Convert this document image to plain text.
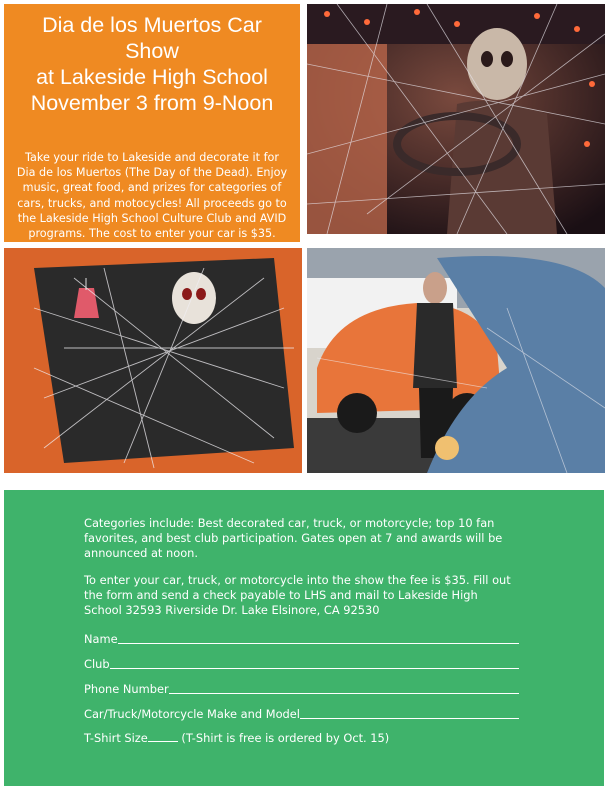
Dia de los Muertos Car Show
at Lakeside High School
November 3 from 9-Noon
Take your ride to Lakeside and decorate it for Dia de los Muertos (The Day of the Dead). Enjoy music, great food, and prizes for categories of cars, trucks, and motocycles! All proceeds go to the Lakeside High School Culture Club and AVID programs. The cost to enter your car is $35.

Categories include: Best decorated car, truck, or motorcycle; top 10 fan favorites, and best club participation. Gates open at 7 and awards will be announced at noon.

To enter your car, truck, or motorcycle into the show the fee is $35. Fill out the form and send a check payable to LHS and mail to Lakeside High School 32593 Riverside Dr. Lake Elsinore, CA 92530

Name
Club
Phone Number
Car/Truck/Motorcycle Make and Model
T-Shirt Size	(T-Shirt is free is ordered by Oct. 15)
